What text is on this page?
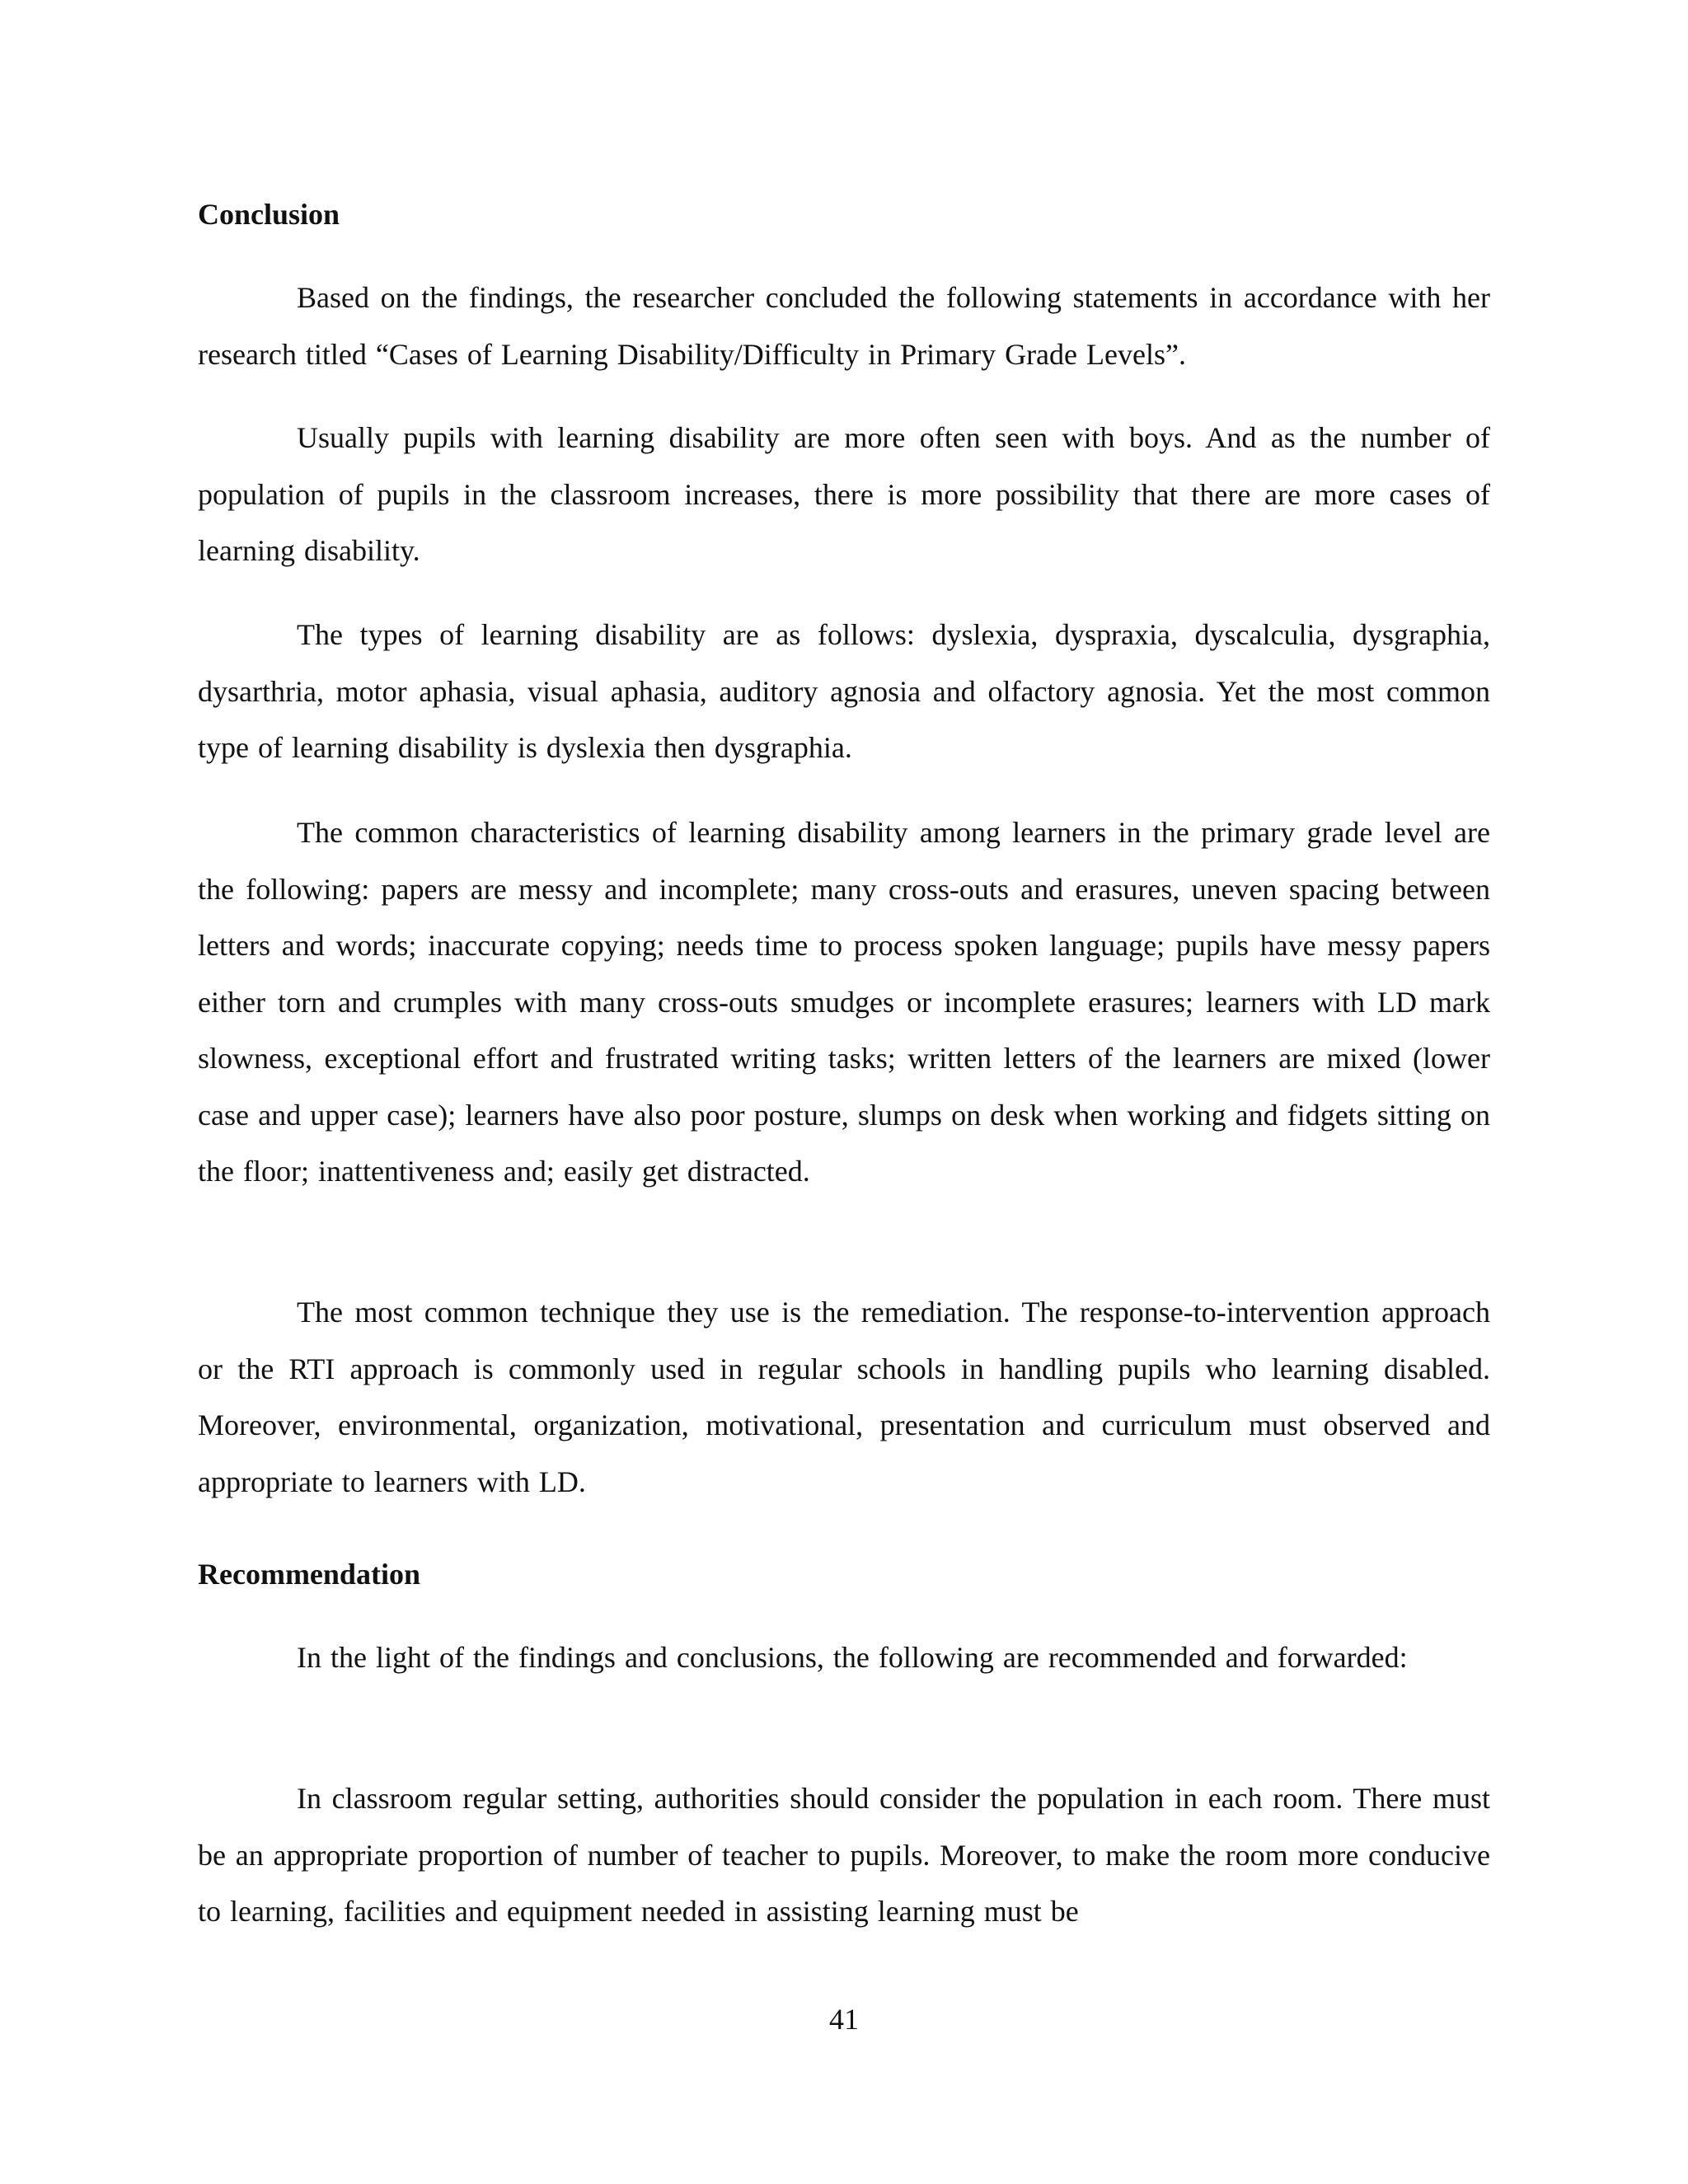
Conclusion

Based on the findings, the researcher concluded the following statements in accordance with her research titled “Cases of Learning Disability/Difficulty in Primary Grade Levels”.

Usually pupils with learning disability are more often seen with boys. And as the number of population of pupils in the classroom increases, there is more possibility that there are more cases of learning disability.

The types of learning disability are as follows: dyslexia, dyspraxia, dyscalculia, dysgraphia, dysarthria, motor aphasia, visual aphasia, auditory agnosia and olfactory agnosia. Yet the most common type of learning disability is dyslexia then dysgraphia.

The common characteristics of learning disability among learners in the primary grade level are the following: papers are messy and incomplete; many cross-outs and erasures, uneven spacing between letters and words; inaccurate copying; needs time to process spoken language; pupils have messy papers either torn and crumples with many cross-outs smudges or incomplete erasures; learners with LD mark slowness, exceptional effort and frustrated writing tasks; written letters of the learners are mixed (lower case and upper case); learners have also poor posture, slumps on desk when working and fidgets sitting on the floor; inattentiveness and; easily get distracted.

The most common technique they use is the remediation. The response-to-intervention approach or the RTI approach is commonly used in regular schools in handling pupils who learning disabled. Moreover, environmental, organization, motivational, presentation and curriculum must observed and appropriate to learners with LD.

Recommendation

In the light of the findings and conclusions, the following are recommended and forwarded:

In classroom regular setting, authorities should consider the population in each room. There must be an appropriate proportion of number of teacher to pupils. Moreover, to make the room more conducive to learning, facilities and equipment needed in assisting learning must be

41
